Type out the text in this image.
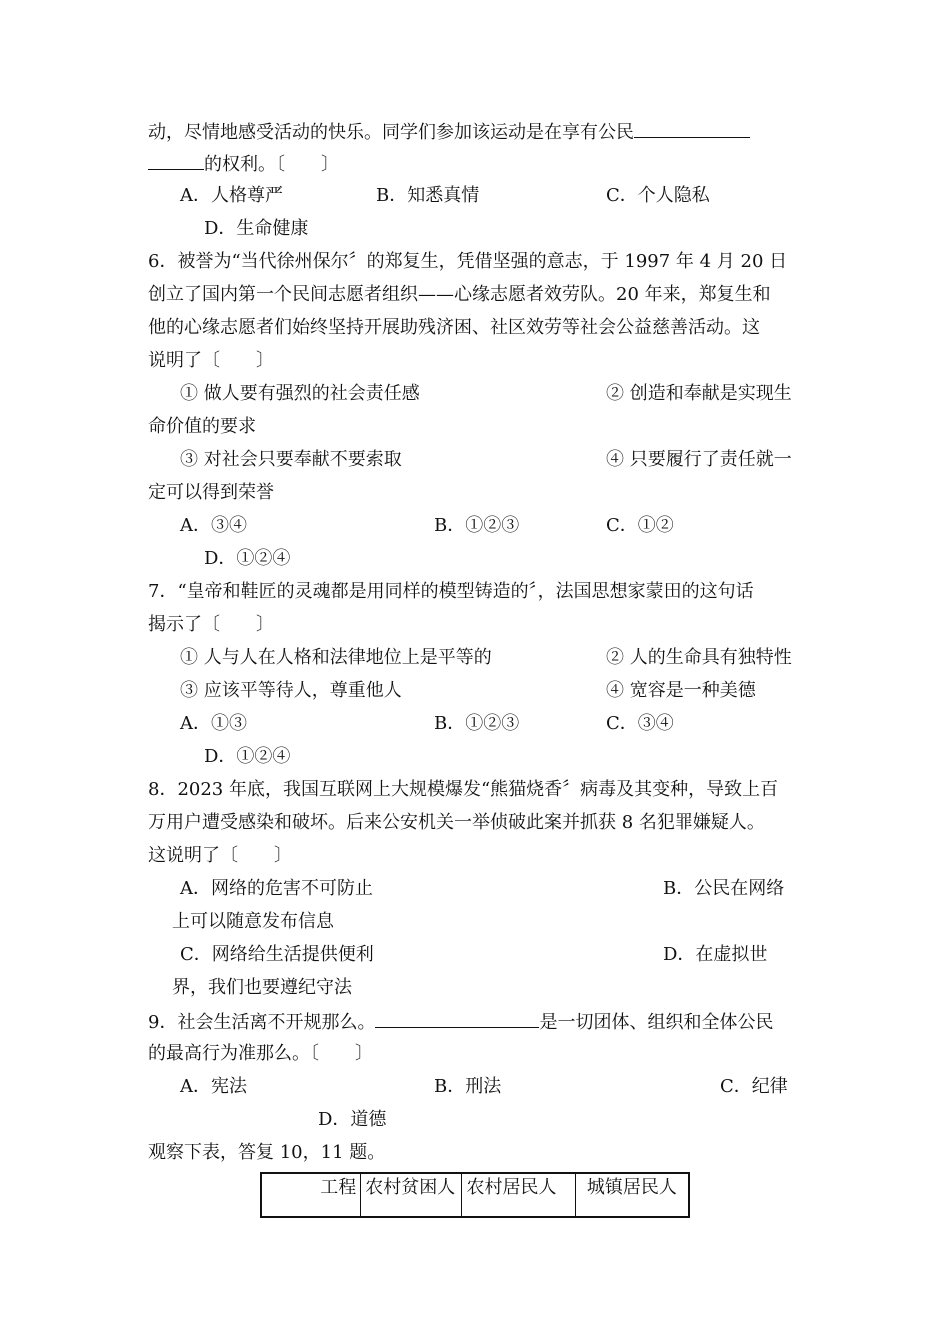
动，尽情地感受活动的快乐。同学们参加该运动是在享有公民
的权利。〔　　〕
A．人格尊严	B．知悉真情	C．个人隐私
D．生命健康
6．被誉为“当代徐州保尔〞的郑复生，凭借坚强的意志，于 1997 年 4 月 20 日
创立了国内第一个民间志愿者组织——心缘志愿者效劳队。20 年来，郑复生和
他的心缘志愿者们始终坚持开展助残济困、社区效劳等社会公益慈善活动。这
说明了〔　　〕
① 做人要有强烈的社会责任感	② 创造和奉献是实现生
命价值的要求
③ 对社会只要奉献不要索取	④ 只要履行了责任就一
定可以得到荣誉
A．③④	B．①②③	C．①②
D．①②④
7．“皇帝和鞋匠的灵魂都是用同样的模型铸造的〞，法国思想家蒙田的这句话
揭示了〔　　〕
① 人与人在人格和法律地位上是平等的	② 人的生命具有独特性
③ 应该平等待人，尊重他人	④ 宽容是一种美德
A．①③	B．①②③	C．③④
D．①②④
8．2023 年底，我国互联网上大规模爆发“熊猫烧香〞病毒及其变种，导致上百
万用户遭受感染和破坏。后来公安机关一举侦破此案并抓获 8 名犯罪嫌疑人。
这说明了〔　　〕
A．网络的危害不可防止	B．公民在网络
上可以随意发布信息
C．网络给生活提供便利	D．在虚拟世
界，我们也要遵纪守法
9．社会生活离不开规那么。	是一切团体、组织和全体公民
的最高行为准那么。〔　　〕
A．宪法	B．刑法	C．纪律
D．道德
观察下表，答复 10，11 题。
工程	农村贫困人	农村居民人	城镇居民人
